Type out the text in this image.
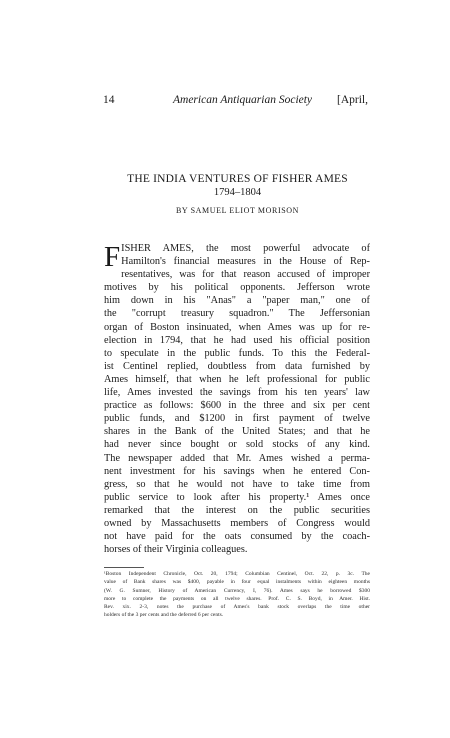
14	American Antiquarian Society [April,
THE INDIA VENTURES OF FISHER AMES
1794–1804
BY SAMUEL ELIOT MORISON
F ISHER AMES, the most powerful advocate of
Hamilton's financial measures in the House of Rep-
resentatives, was for that reason accused of improper
motives by his political opponents. Jefferson wrote
him down in his "Anas" a "paper man," one of
the "corrupt treasury squadron." The Jeffersonian
organ of Boston insinuated, when Ames was up for re-
election in 1794, that he had used his official position
to speculate in the public funds. To this the Federal-
ist Centinel replied, doubtless from data furnished by
Ames himself, that when he left professional for public
life, Ames invested the savings from his ten years' law
practice as follows: $600 in the three and six per cent
public funds, and $1200 in first payment of twelve
shares in the Bank of the United States; and that he
had never since bought or sold stocks of any kind.
The newspaper added that Mr. Ames wished a perma-
nent investment for his savings when he entered Con-
gress, so that he would not have to take time from
public service to look after his property.¹ Ames once
remarked that the interest on the public securities
owned by Massachusetts members of Congress would
not have paid for the oats consumed by the coach-
horses of their Virginia colleagues.
¹Boston Independent Chronicle, Oct. 20, 1794; Columbian Centinel, Oct. 22, p. 3c. The
value of Bank shares was $400, payable in four equal instalments within eighteen months
(W. G. Sumner, History of American Currency, I, 76). Ames says he borrowed $300
more to complete the payments on all twelve shares. Prof. C. S. Boyd, in Amer. Hist.
Rev. xix. 2-3, notes the purchase of Ames's bank stock overlaps the time other
holders of the 3 per cents and the deferred 6 per cents.
